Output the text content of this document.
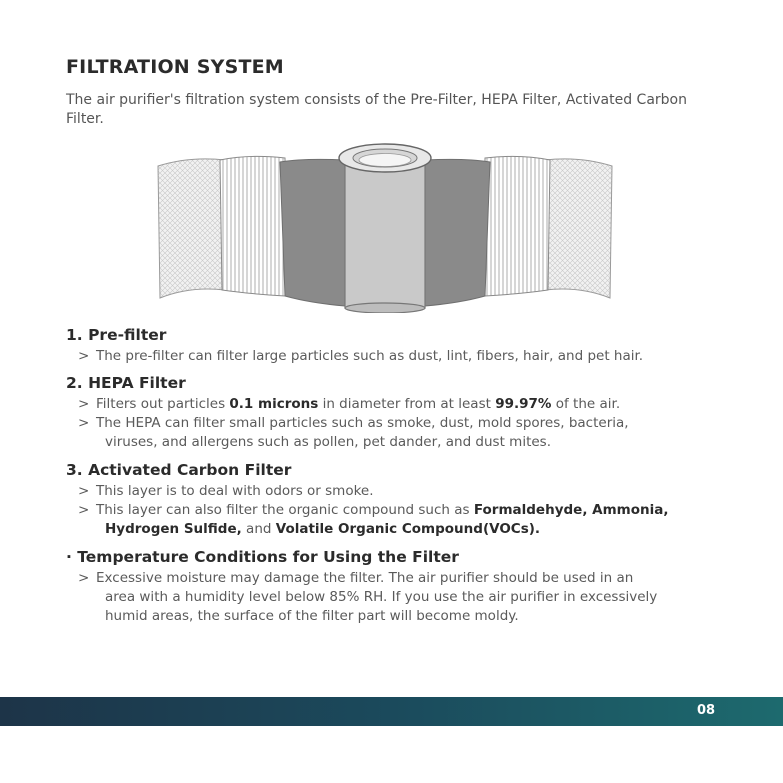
FILTRATION SYSTEM
The air purifier's filtration system consists of the Pre-Filter, HEPA Filter, Activated Carbon Filter.
1. Pre-filter
> The pre-filter can filter large particles such as dust, lint, fibers, hair, and pet hair.
2. HEPA Filter
> Filters out particles 0.1 microns in diameter from at least 99.97% of the air.
> The HEPA can filter small particles such as smoke, dust, mold spores, bacteria,
viruses, and allergens such as pollen, pet dander, and dust mites.
3. Activated Carbon Filter
> This layer is to deal with odors or smoke.
> This layer can also filter the organic compound such as Formaldehyde, Ammonia,
Hydrogen Sulfide, and Volatile Organic Compound(VOCs).
· Temperature Conditions for Using the Filter
> Excessive moisture may damage the filter. The air purifier should be used in an
area with a humidity level below 85% RH. If you use the air purifier in excessively
humid areas, the surface of the filter part will become moldy.
08
